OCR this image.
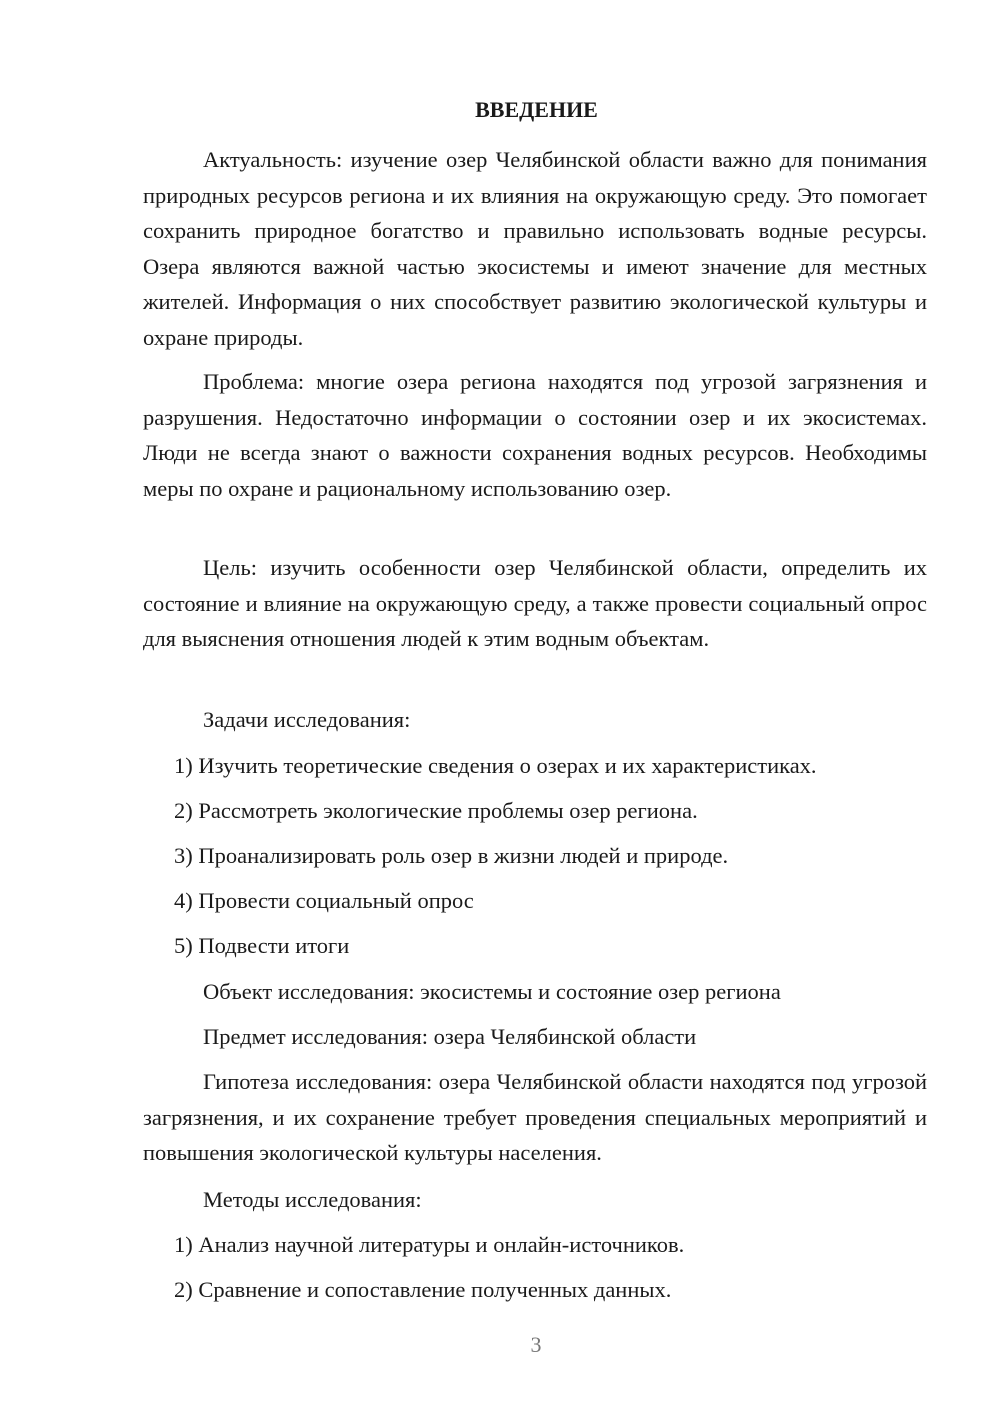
ВВЕДЕНИЕ

Актуальность: изучение озер Челябинской области важно для понимания природных ресурсов региона и их влияния на окружающую среду. Это помогает сохранить природное богатство и правильно использовать водные ресурсы. Озера являются важной частью экосистемы и имеют значение для местных жителей. Информация о них способствует развитию экологической культуры и охране природы.

Проблема: многие озера региона находятся под угрозой загрязнения и разрушения. Недостаточно информации о состоянии озер и их экосистемах. Люди не всегда знают о важности сохранения водных ресурсов. Необходимы меры по охране и рациональному использованию озер.

Цель: изучить особенности озер Челябинской области, определить их состояние и влияние на окружающую среду, а также провести социальный опрос для выяснения отношения людей к этим водным объектам.

Задачи исследования:

1) Изучить теоретические сведения о озерах и их характеристиках.

2) Рассмотреть экологические проблемы озер региона.

3) Проанализировать роль озер в жизни людей и природе.

4) Провести социальный опрос

5) Подвести итоги

Объект исследования: экосистемы и состояние озер региона

Предмет исследования: озера Челябинской области

Гипотеза исследования: озера Челябинской области находятся под угрозой загрязнения, и их сохранение требует проведения специальных мероприятий и повышения экологической культуры населения.

Методы исследования:

1) Анализ научной литературы и онлайн-источников.

2) Сравнение и сопоставление полученных данных.

3
